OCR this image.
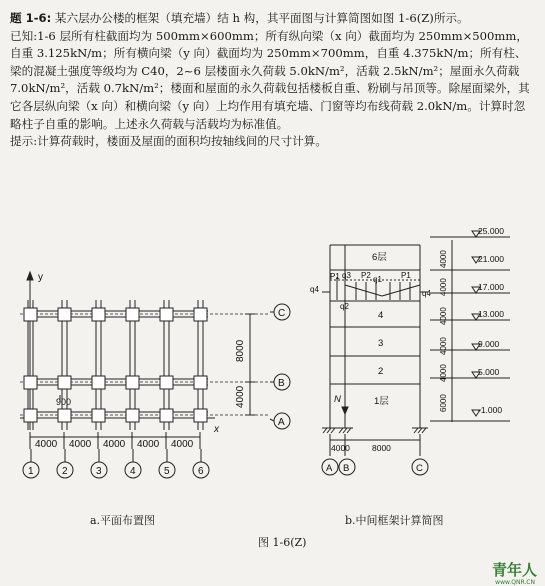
题 1-6: 某六层办公楼的框架（填充墙）结 h 构，其平面图与计算简图如图 1-6(Z)所示。

已知:1-6 层所有柱截面均为 500mm×600mm；所有纵向梁（x 向）截面均为 250mm×500mm，自重 3.125kN/m；所有横向梁（y 向）截面均为 250mm×700mm，自重 4.375kN/m；所有柱、梁的混凝土强度等级均为 C40，2~6 层楼面永久荷载 5.0kN/m²，活载 2.5kN/m²；屋面永久荷载 7.0kN/m²，活载 0.7kN/m²；楼面和屋面的永久荷载包括楼板自重、粉刷与吊顶等。除屋面梁外，其它各层纵向梁（x 向）和横向梁（y 向）上均作用有填充墙、门窗等均布线荷载 2.0kN/m。计算时忽略柱子自重的影响。上述永久荷载与活载均为标准值。

提示:计算荷载时，楼面及屋面的面积均按轴线间的尺寸计算。

y
x
C
B
A
1	2	3	4	5	6
4000 4000 4000 4000 4000
8000
4000
900
6层
4
3
2
1层
P1 q3 P2 q1 P1
q2
q4	q4
N
25.000
21.000
17.000
13.000
9.000
5.000
-1.000
4000
4000
4000
4000
4000
6000
4000	8000
A B	C
a.平面布置图	b.中间框架计算简图
图 1-6(Z)
青年人
www.QNR.CN
